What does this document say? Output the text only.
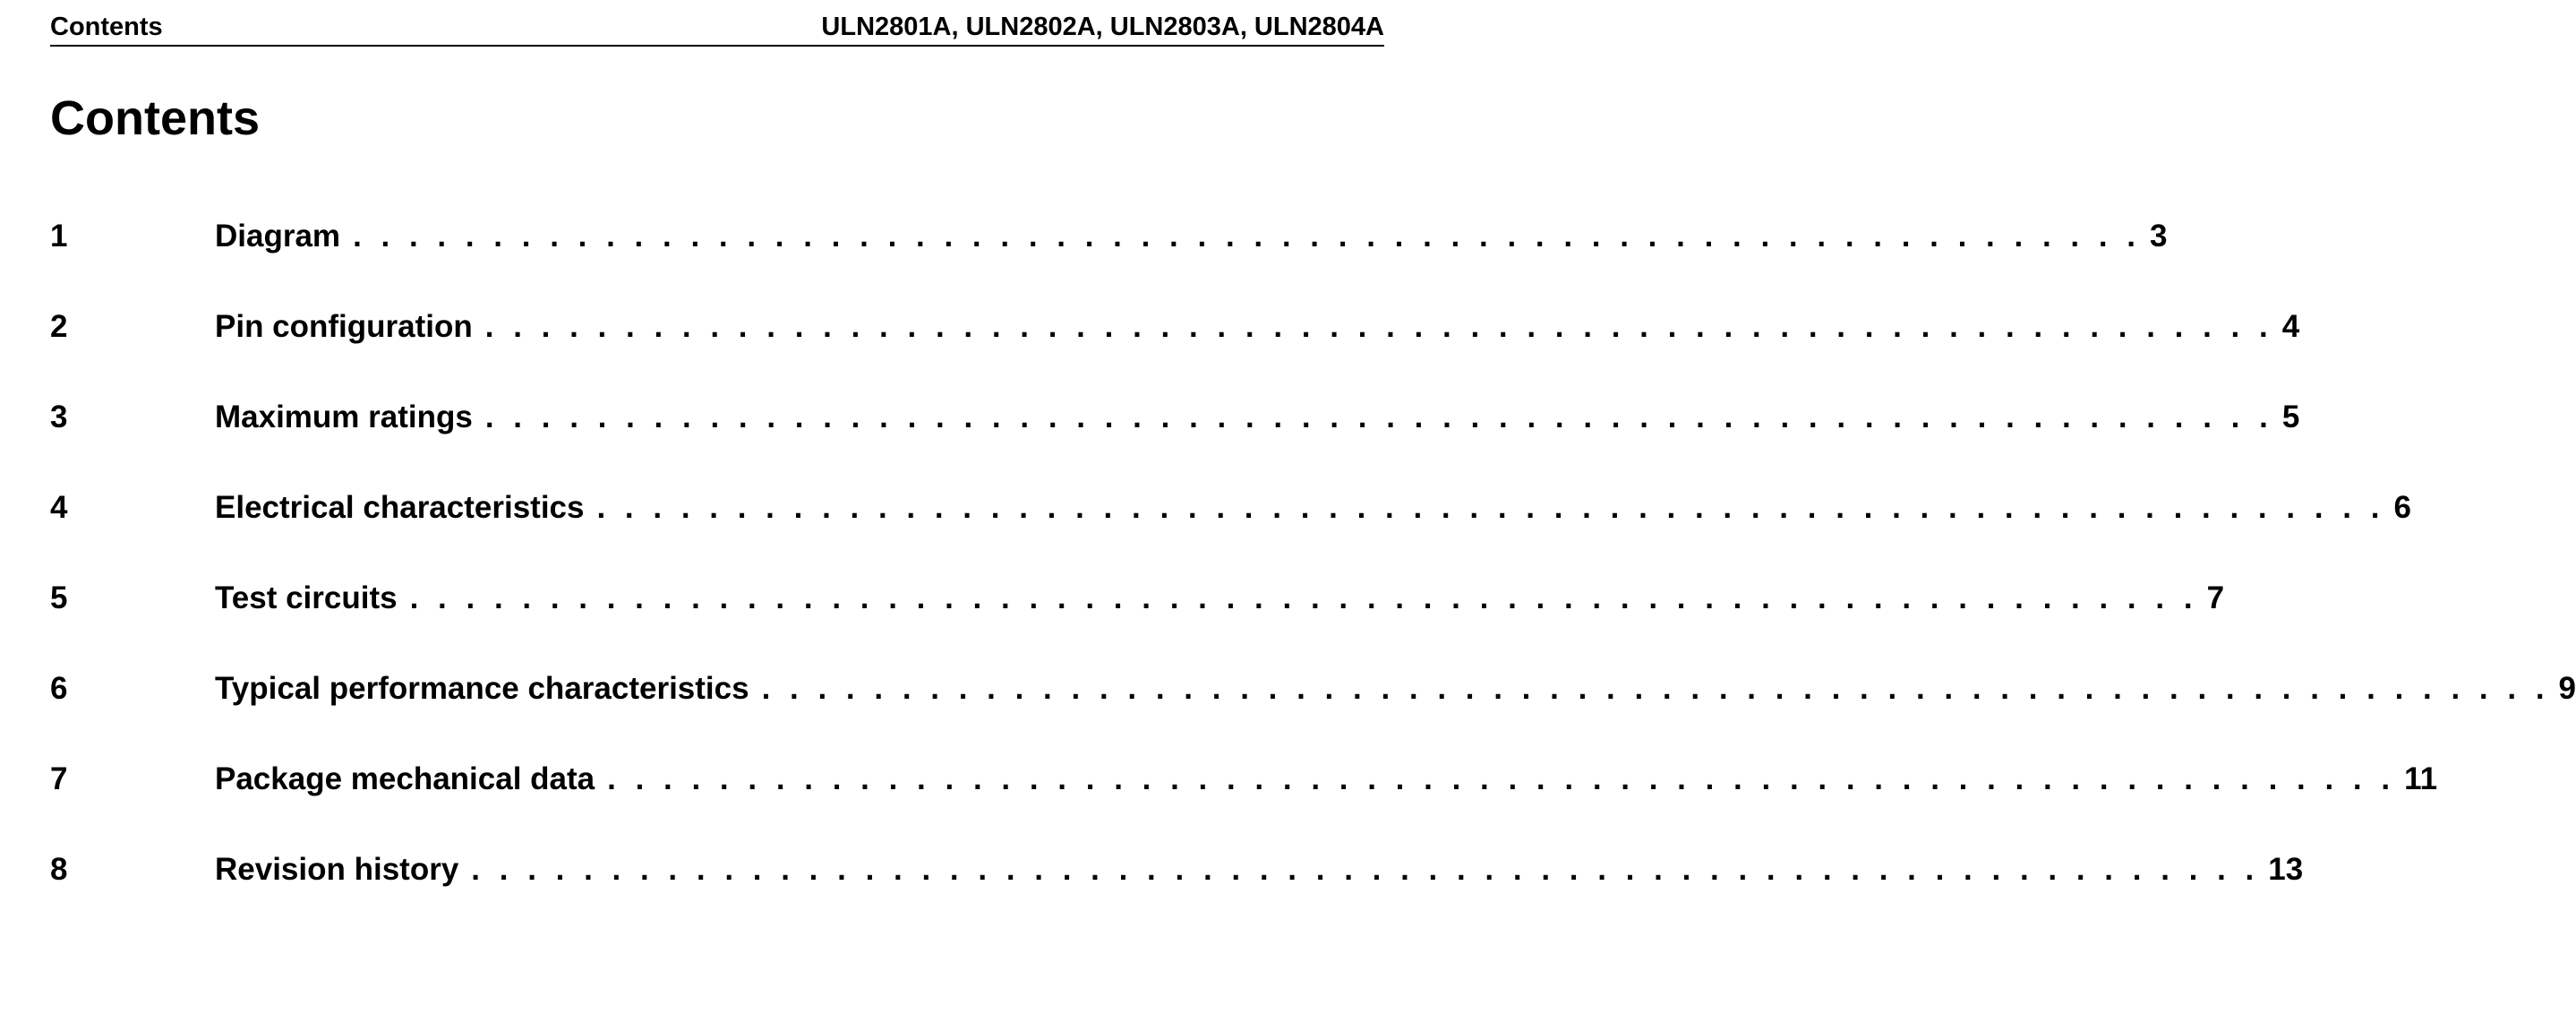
Contents	ULN2801A, ULN2802A, ULN2803A, ULN2804A
Contents
1	Diagram . . . . . . . . . . . . . . . . . . . . . . . . . . . . . . . . . . . . . . . . . . . . . . . . . . . . . . . . . . . . . . . . 3
2	Pin configuration . . . . . . . . . . . . . . . . . . . . . . . . . . . . . . . . . . . . . . . . . . . . . . . . . . . . . . . . . . . . . . . . 4
3	Maximum ratings . . . . . . . . . . . . . . . . . . . . . . . . . . . . . . . . . . . . . . . . . . . . . . . . . . . . . . . . . . . . . . . . 5
4	Electrical characteristics . . . . . . . . . . . . . . . . . . . . . . . . . . . . . . . . . . . . . . . . . . . . . . . . . . . . . . . . . . . . . . . . 6
5	Test circuits . . . . . . . . . . . . . . . . . . . . . . . . . . . . . . . . . . . . . . . . . . . . . . . . . . . . . . . . . . . . . . . . 7
6	Typical performance characteristics . . . . . . . . . . . . . . . . . . . . . . . . . . . . . . . . . . . . . . . . . . . . . . . . . . . . . . . . . . . . . . . . 9
7	Package mechanical data . . . . . . . . . . . . . . . . . . . . . . . . . . . . . . . . . . . . . . . . . . . . . . . . . . . . . . . . . . . . . . . . 11
8	Revision history . . . . . . . . . . . . . . . . . . . . . . . . . . . . . . . . . . . . . . . . . . . . . . . . . . . . . . . . . . . . . . . . 13
